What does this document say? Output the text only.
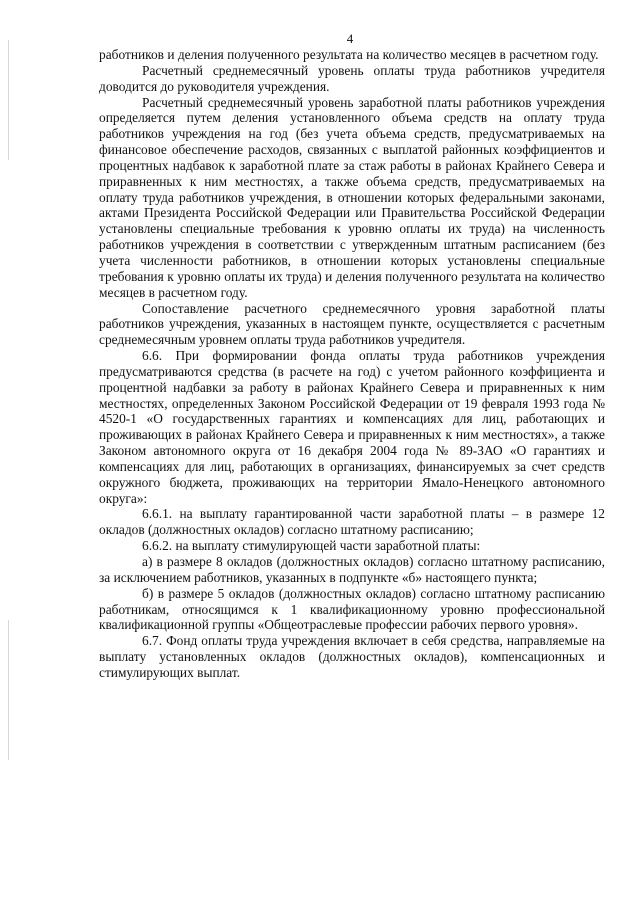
4

работников и деления полученного результата на количество месяцев в расчетном году.

Расчетный среднемесячный уровень оплаты труда работников учредителя доводится до руководителя учреждения.

Расчетный среднемесячный уровень заработной платы работников учреждения определяется путем деления установленного объема средств на оплату труда работников учреждения на год (без учета объема средств, предусматриваемых на финансовое обеспечение расходов, связанных с выплатой районных коэффициентов и процентных надбавок к заработной плате за стаж работы в районах Крайнего Севера и приравненных к ним местностях, а также объема средств, предусматриваемых на оплату труда работников учреждения, в отношении которых федеральными законами, актами Президента Российской Федерации или Правительства Российской Федерации установлены специальные требования к уровню оплаты их труда) на численность работников учреждения в соответствии с утвержденным штатным расписанием (без учета численности работников, в отношении которых установлены специальные требования к уровню оплаты их труда) и деления полученного результата на количество месяцев в расчетном году.

Сопоставление расчетного среднемесячного уровня заработной платы работников учреждения, указанных в настоящем пункте, осуществляется с расчетным среднемесячным уровнем оплаты труда работников учредителя.

6.6. При формировании фонда оплаты труда работников учреждения предусматриваются средства (в расчете на год) с учетом районного коэффициента и процентной надбавки за работу в районах Крайнего Севера и приравненных к ним местностях, определенных Законом Российской Федерации от 19 февраля 1993 года № 4520-1 «О государственных гарантиях и компенсациях для лиц, работающих и проживающих в районах Крайнего Севера и приравненных к ним местностях», а также Законом автономного округа от 16 декабря 2004 года № 89-ЗАО «О гарантиях и компенсациях для лиц, работающих в организациях, финансируемых за счет средств окружного бюджета, проживающих на территории Ямало-Ненецкого автономного округа»:

6.6.1. на выплату гарантированной части заработной платы – в размере 12 окладов (должностных окладов) согласно штатному расписанию;

6.6.2. на выплату стимулирующей части заработной платы:

а) в размере 8 окладов (должностных окладов) согласно штатному расписанию, за исключением работников, указанных в подпункте «б» настоящего пункта;

б) в размере 5 окладов (должностных окладов) согласно штатному расписанию работникам, относящимся к 1 квалификационному уровню профессиональной квалификационной группы «Общеотраслевые профессии рабочих первого уровня».

6.7. Фонд оплаты труда учреждения включает в себя средства, направляемые на выплату установленных окладов (должностных окладов), компенсационных и стимулирующих выплат.
